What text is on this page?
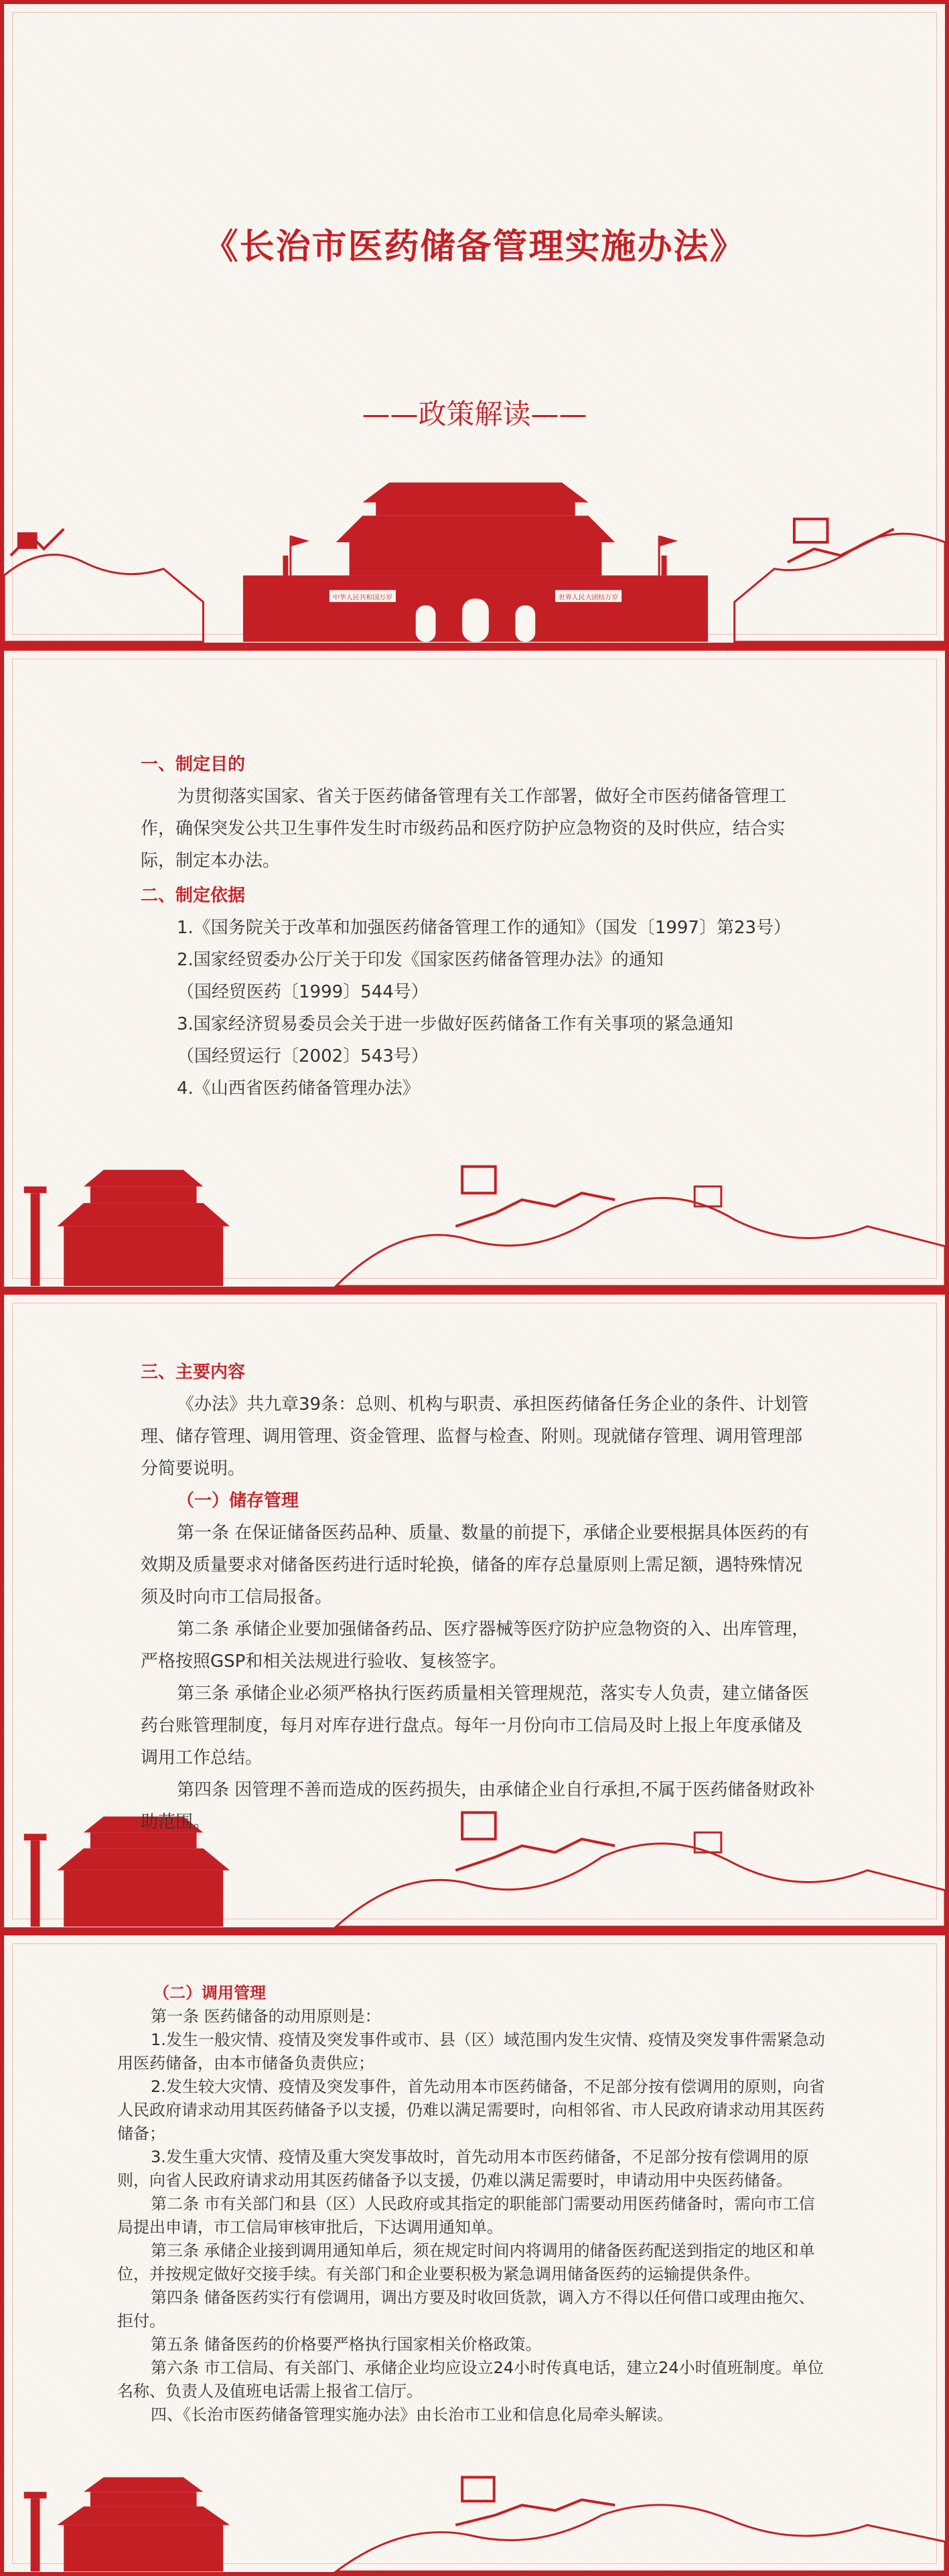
《长治市医药储备管理实施办法》
——政策解读——
中华人民共和国万岁	世界人民大团结万岁

一、制定目的

为贯彻落实国家、省关于医药储备管理有关工作部署，做好全市医药储备管理工作，确保突发公共卫生事件发生时市级药品和医疗防护应急物资的及时供应，结合实际，制定本办法。

二、制定依据

1.《国务院关于改革和加强医药储备管理工作的通知》（国发〔1997〕第23号）

2.国家经贸委办公厅关于印发《国家医药储备管理办法》的通知

（国经贸医药〔1999〕544号）

3.国家经济贸易委员会关于进一步做好医药储备工作有关事项的紧急通知

（国经贸运行〔2002〕543号）

4.《山西省医药储备管理办法》

三、主要内容

《办法》共九章39条：总则、机构与职责、承担医药储备任务企业的条件、计划管理、储存管理、调用管理、资金管理、监督与检查、附则。现就储存管理、调用管理部分简要说明。

（一）储存管理

第一条 在保证储备医药品种、质量、数量的前提下，承储企业要根据具体医药的有效期及质量要求对储备医药进行适时轮换，储备的库存总量原则上需足额，遇特殊情况须及时向市工信局报备。

第二条 承储企业要加强储备药品、医疗器械等医疗防护应急物资的入、出库管理，严格按照GSP和相关法规进行验收、复核签字。

第三条 承储企业必须严格执行医药质量相关管理规范，落实专人负责，建立储备医药台账管理制度，每月对库存进行盘点。每年一月份向市工信局及时上报上年度承储及调用工作总结。

第四条 因管理不善而造成的医药损失，由承储企业自行承担,不属于医药储备财政补助范围。

（二）调用管理

第一条 医药储备的动用原则是：

1.发生一般灾情、疫情及突发事件或市、县（区）域范围内发生灾情、疫情及突发事件需紧急动用医药储备，由本市储备负责供应；

2.发生较大灾情、疫情及突发事件，首先动用本市医药储备，不足部分按有偿调用的原则，向省人民政府请求动用其医药储备予以支援，仍难以满足需要时，向相邻省、市人民政府请求动用其医药储备；

3.发生重大灾情、疫情及重大突发事故时，首先动用本市医药储备，不足部分按有偿调用的原则，向省人民政府请求动用其医药储备予以支援，仍难以满足需要时，申请动用中央医药储备。

第二条 市有关部门和县（区）人民政府或其指定的职能部门需要动用医药储备时，需向市工信局提出申请，市工信局审核审批后，下达调用通知单。

第三条 承储企业接到调用通知单后，须在规定时间内将调用的储备医药配送到指定的地区和单位，并按规定做好交接手续。有关部门和企业要积极为紧急调用储备医药的运输提供条件。

第四条 储备医药实行有偿调用，调出方要及时收回货款，调入方不得以任何借口或理由拖欠、拒付。

第五条 储备医药的价格要严格执行国家相关价格政策。

第六条 市工信局、有关部门、承储企业均应设立24小时传真电话，建立24小时值班制度。单位名称、负责人及值班电话需上报省工信厅。

四、《长治市医药储备管理实施办法》由长治市工业和信息化局牵头解读。
